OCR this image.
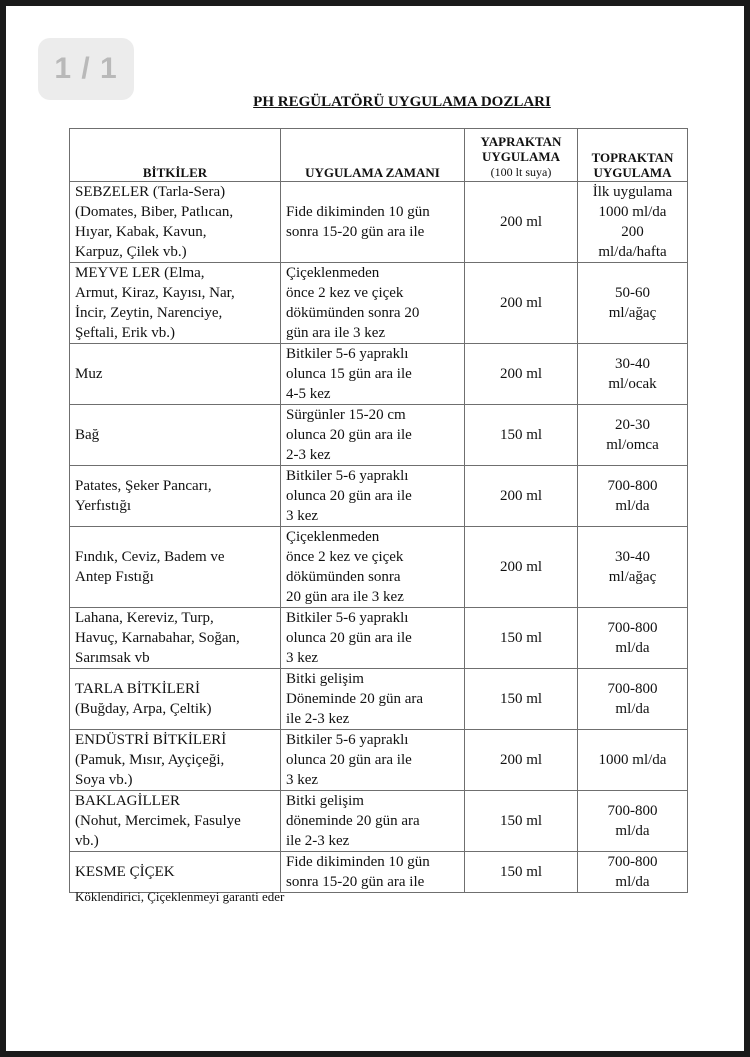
1 / 1
PH REGÜLATÖRÜ UYGULAMA DOZLARI
BİTKİLER	UYGULAMA ZAMANI	YAPRAKTAN
UYGULAMA
(100 lt suya)	TOPRAKTAN
UYGULAMA
SEBZELER (Tarla-Sera)
(Domates, Biber, Patlıcan,
Hıyar, Kabak, Kavun,
Karpuz, Çilek vb.)	Fide dikiminden 10 gün
sonra 15-20 gün ara ile	200 ml	İlk uygulama
1000 ml/da
200
ml/da/hafta
MEYVE LER (Elma,
Armut, Kiraz, Kayısı, Nar,
İncir, Zeytin, Narenciye,
Şeftali, Erik vb.)	Çiçeklenmeden
önce 2 kez ve çiçek
dökümünden sonra 20
gün ara ile 3 kez	200 ml	50-60
ml/ağaç
Muz	Bitkiler 5-6 yapraklı
olunca 15 gün ara ile
4-5 kez	200 ml	30-40
ml/ocak
Bağ	Sürgünler 15-20 cm
olunca 20 gün ara ile
2-3 kez	150 ml	20-30
ml/omca
Patates, Şeker Pancarı,
Yerfıstığı	Bitkiler 5-6 yapraklı
olunca 20 gün ara ile
3 kez	200 ml	700-800
ml/da
Fındık, Ceviz, Badem ve
Antep Fıstığı	Çiçeklenmeden
önce 2 kez ve çiçek
dökümünden sonra
20 gün ara ile 3 kez	200 ml	30-40
ml/ağaç
Lahana, Kereviz, Turp,
Havuç, Karnabahar, Soğan,
Sarımsak vb	Bitkiler 5-6 yapraklı
olunca 20 gün ara ile
3 kez	150 ml	700-800
ml/da
TARLA BİTKİLERİ
(Buğday, Arpa, Çeltik)	Bitki gelişim
Döneminde 20 gün ara
ile 2-3 kez	150 ml	700-800
ml/da
ENDÜSTRİ BİTKİLERİ
(Pamuk, Mısır, Ayçiçeği,
Soya vb.)	Bitkiler 5-6 yapraklı
olunca 20 gün ara ile
3 kez	200 ml	1000 ml/da
BAKLAGİLLER
(Nohut, Mercimek, Fasulye
vb.)	Bitki gelişim
döneminde 20 gün ara
ile 2-3 kez	150 ml	700-800
ml/da
KESME ÇİÇEK	Fide dikiminden 10 gün
sonra 15-20 gün ara ile	150 ml	700-800
ml/da
Köklendirici, Çiçeklenmeyi garanti eder
